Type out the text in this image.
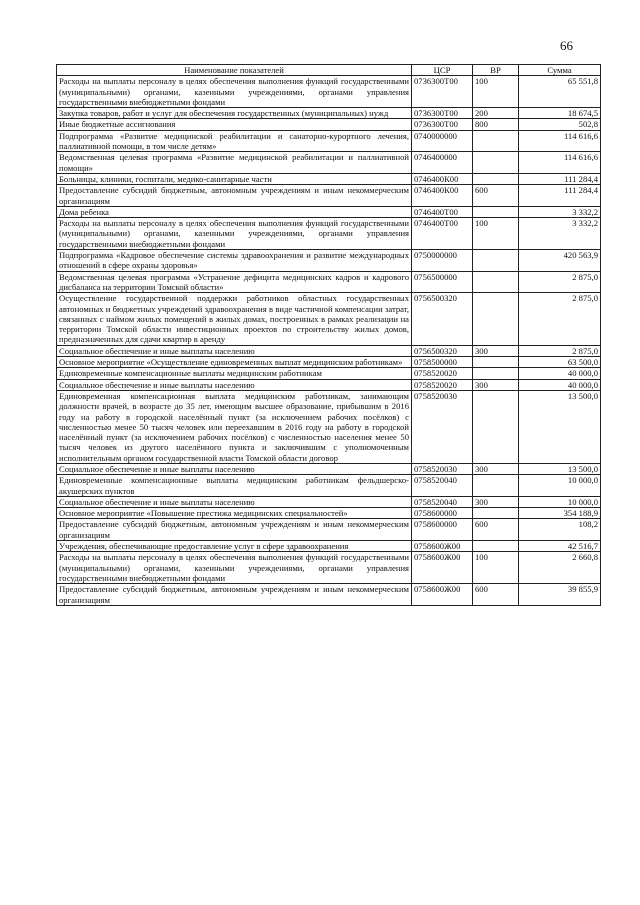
66
Наименование показателей	ЦСР	ВР	Сумма
Расходы на выплаты персоналу в целях обеспечения выполнения функций государственными (муниципальными) органами, казенными учреждениями, органами управления государственными внебюджетными фондами	0736300Т00	100	65 551,8
Закупка товаров, работ и услуг для обеспечения государственных (муниципальных) нужд	0736300Т00	200	18 674,5
Иные бюджетные ассигнования	0736300Т00	800	502,8
Подпрограмма «Развитие медицинской реабилитации и санаторно-курортного лечения, паллиативной помощи, в том числе детям»	0740000000		114 616,6
Ведомственная целевая программа «Развитие медицинской реабилитации и паллиативной помощи»	0746400000		114 616,6
Больницы, клиники, госпитали, медико-санитарные части	0746400К00		111 284,4
Предоставление субсидий бюджетным, автономным учреждениям и иным некоммерческим организациям	0746400К00	600	111 284,4
Дома ребенка	0746400Т00		3 332,2
Расходы на выплаты персоналу в целях обеспечения выполнения функций государственными (муниципальными) органами, казенными учреждениями, органами управления государственными внебюджетными фондами	0746400Т00	100	3 332,2
Подпрограмма «Кадровое обеспечение системы здравоохранения и развитие международных отношений в сфере охраны здоровья»	0750000000		420 563,9
Ведомственная целевая программа «Устранение дефицита медицинских кадров и кадрового дисбаланса на территории Томской области»	0756500000		2 875,0
Осуществление государственной поддержки работников областных государственных автономных и бюджетных учреждений здравоохранения в виде частичной компенсации затрат, связанных с наймом жилых помещений в жилых домах, построенных в рамках реализации на территории Томской области инвестиционных проектов по строительству жилых домов, предназначенных для сдачи квартир в аренду	0756500320		2 875,0
Социальное обеспечение и иные выплаты населению	0756500320	300	2 875,0
Основное мероприятие «Осуществление единовременных выплат медицинским работникам»	0758500000		63 500,0
Единовременные компенсационные выплаты медицинским работникам	0758520020		40 000,0
Социальное обеспечение и иные выплаты населению	0758520020	300	40 000,0
Единовременная компенсационная выплата медицинским работникам, занимающим должности врачей, в возрасте до 35 лет, имеющим высшее образование, прибывшим в 2016 году на работу в городской населённый пункт (за исключением рабочих посёлков) с численностью менее 50 тысяч человек или переехавшим в 2016 году на работу в городской населённый пункт (за исключением рабочих посёлков) с численностью населения менее 50 тысяч человек из другого населённого пункта и заключившим с уполномоченным исполнительным органом государственной власти Томской области договор	0758520030		13 500,0
Социальное обеспечение и иные выплаты населению	0758520030	300	13 500,0
Единовременные компенсационные выплаты медицинским работникам фельдшерско-акушерских пунктов	0758520040		10 000,0
Социальное обеспечение и иные выплаты населению	0758520040	300	10 000,0
Основное мероприятие «Повышение престижа медицинских специальностей»	0758600000		354 188,9
Предоставление субсидий бюджетным, автономным учреждениям и иным некоммерческим организациям	0758600000	600	108,2
Учреждения, обеспечивающие предоставление услуг в сфере здравоохранения	0758600Ж00		42 516,7
Расходы на выплаты персоналу в целях обеспечения выполнения функций государственными (муниципальными) органами, казенными учреждениями, органами управления государственными внебюджетными фондами	0758600Ж00	100	2 660,8
Предоставление субсидий бюджетным, автономным учреждениям и иным некоммерческим организациям	0758600Ж00	600	39 855,9
